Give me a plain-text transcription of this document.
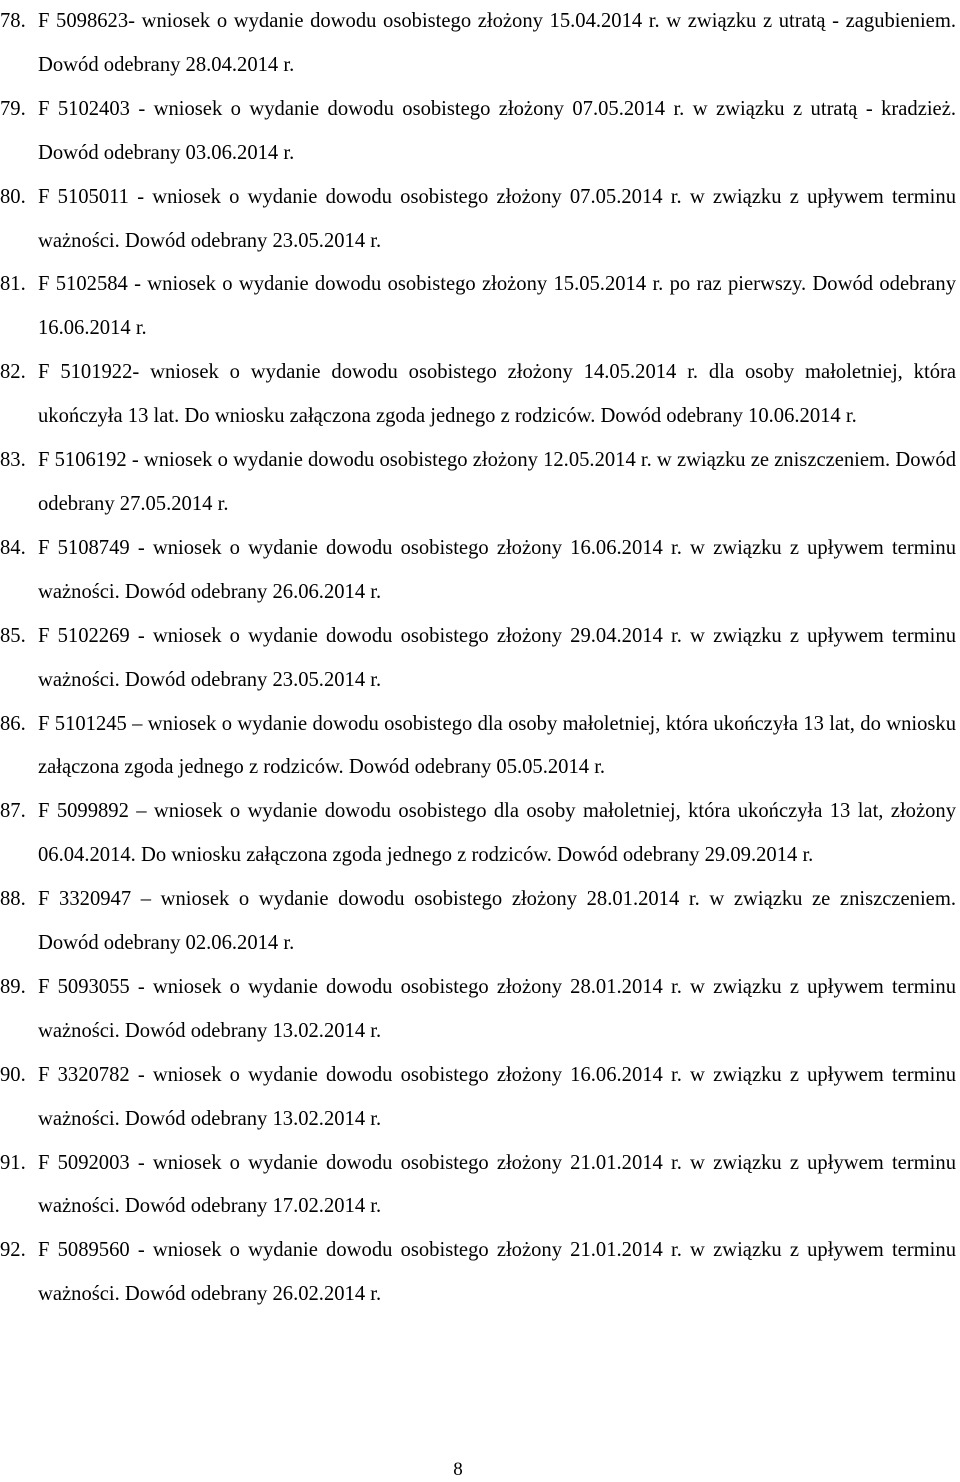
78. F 5098623- wniosek o wydanie dowodu osobistego złożony 15.04.2014 r. w związku z utratą - zagubieniem. Dowód odebrany 28.04.2014 r.
79. F 5102403 - wniosek o wydanie dowodu osobistego złożony 07.05.2014 r. w związku z utratą - kradzież. Dowód odebrany 03.06.2014 r.
80. F 5105011 - wniosek o wydanie dowodu osobistego złożony 07.05.2014 r. w związku z upływem terminu ważności. Dowód odebrany 23.05.2014 r.
81. F 5102584 - wniosek o wydanie dowodu osobistego złożony 15.05.2014 r. po raz pierwszy. Dowód odebrany 16.06.2014 r.
82. F 5101922- wniosek o wydanie dowodu osobistego złożony 14.05.2014 r. dla osoby małoletniej, która ukończyła 13 lat. Do wniosku załączona zgoda jednego z rodziców. Dowód odebrany 10.06.2014 r.
83. F 5106192 - wniosek o wydanie dowodu osobistego złożony 12.05.2014 r. w związku ze zniszczeniem. Dowód odebrany 27.05.2014 r.
84. F 5108749 - wniosek o wydanie dowodu osobistego złożony 16.06.2014 r. w związku z upływem terminu ważności. Dowód odebrany 26.06.2014 r.
85. F 5102269 - wniosek o wydanie dowodu osobistego złożony 29.04.2014 r. w związku z upływem terminu ważności. Dowód odebrany 23.05.2014 r.
86. F 5101245 – wniosek o wydanie dowodu osobistego dla osoby małoletniej, która ukończyła 13 lat, do wniosku załączona zgoda jednego z rodziców. Dowód odebrany 05.05.2014 r.
87. F 5099892 – wniosek o wydanie dowodu osobistego dla osoby małoletniej, która ukończyła 13 lat, złożony 06.04.2014. Do wniosku załączona zgoda jednego z rodziców. Dowód odebrany 29.09.2014 r.
88. F 3320947 – wniosek o wydanie dowodu osobistego złożony 28.01.2014 r. w związku ze zniszczeniem. Dowód odebrany 02.06.2014 r.
89. F 5093055 - wniosek o wydanie dowodu osobistego złożony 28.01.2014 r. w związku z upływem terminu ważności. Dowód odebrany 13.02.2014 r.
90. F 3320782 - wniosek o wydanie dowodu osobistego złożony 16.06.2014 r. w związku z upływem terminu ważności. Dowód odebrany 13.02.2014 r.
91. F 5092003 - wniosek o wydanie dowodu osobistego złożony 21.01.2014 r. w związku z upływem terminu ważności. Dowód odebrany 17.02.2014 r.
92. F 5089560 - wniosek o wydanie dowodu osobistego złożony 21.01.2014 r. w związku z upływem terminu ważności. Dowód odebrany 26.02.2014 r.
8
